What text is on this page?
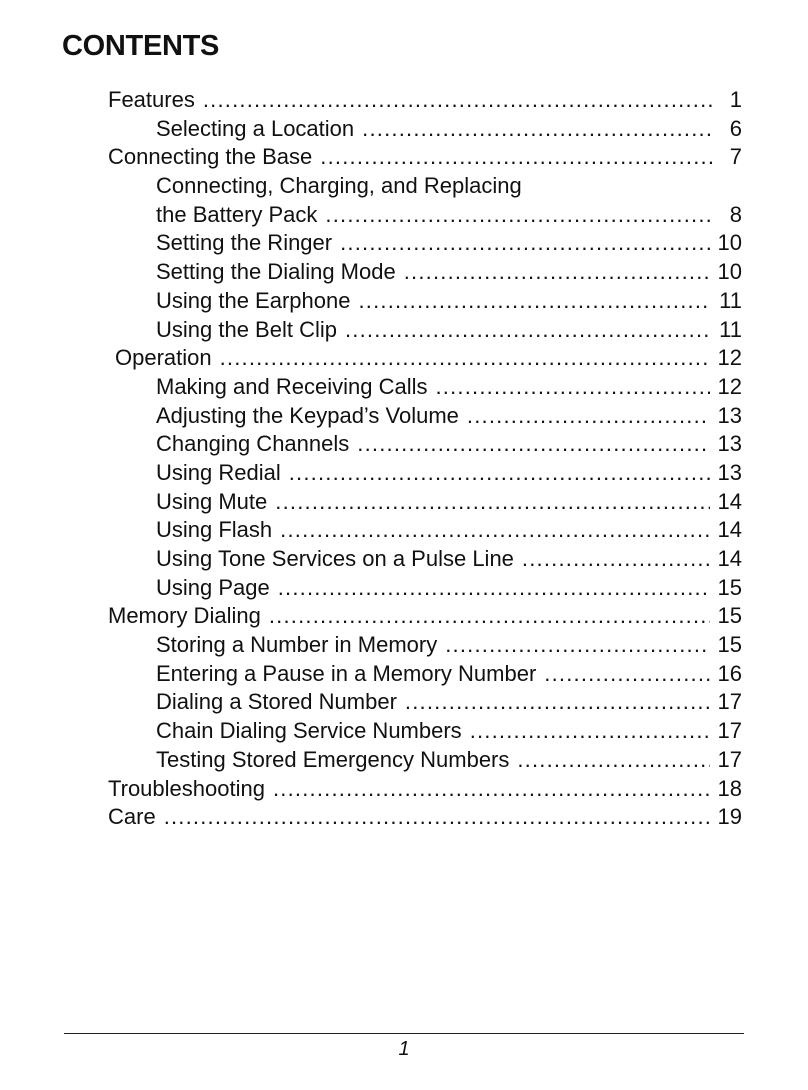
CONTENTS
Features .....	1
Selecting a Location .....	6
Connecting the Base .....	7
Connecting, Charging, and Replacing
the Battery Pack .....	8
Setting the Ringer .....	10
Setting the Dialing Mode .....	10
Using the Earphone .....	11
Using the Belt Clip .....	11
Operation .....	12
Making and Receiving Calls .....	12
Adjusting the Keypad’s Volume .....	13
Changing Channels .....	13
Using Redial .....	13
Using Mute .....	14
Using Flash .....	14
Using Tone Services on a Pulse Line .....	14
Using Page .....	15
Memory Dialing .....	15
Storing a Number in Memory .....	15
Entering a Pause in a Memory Number .....	16
Dialing a Stored Number .....	17
Chain Dialing Service Numbers .....	17
Testing Stored Emergency Numbers .....	17
Troubleshooting .....	18
Care .....	19
1
